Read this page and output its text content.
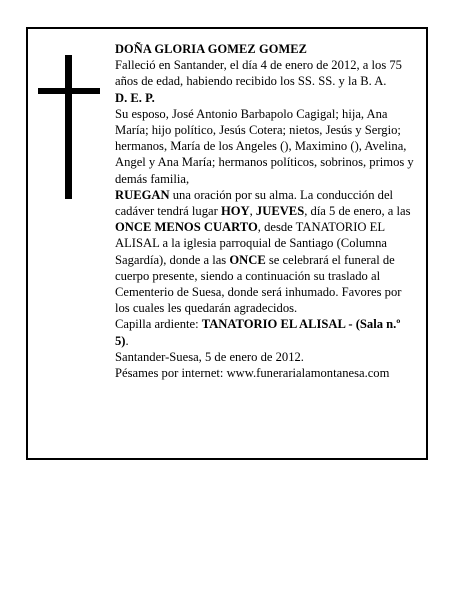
DOÑA GLORIA GOMEZ GOMEZ

Falleció en Santander, el día 4 de enero de 2012, a los 75 años de edad, habiendo recibido los SS. SS. y la B. A.

D. E. P.

Su esposo, José Antonio Barbapolo Cagigal; hija, Ana María; hijo político, Jesús Cotera; nietos, Jesús y Sergio; hermanos, María de los Angeles (), Maximino (), Avelina, Angel y Ana María; hermanos políticos, sobrinos, primos y demás familia,

RUEGAN una oración por su alma. La conducción del cadáver tendrá lugar HOY, JUEVES, día 5 de enero, a las ONCE MENOS CUARTO, desde TANATORIO EL ALISAL a la iglesia parroquial de Santiago (Columna Sagardía), donde a las ONCE se celebrará el funeral de cuerpo presente, siendo a continuación su traslado al Cementerio de Suesa, donde será inhumado. Favores por los cuales les quedarán agradecidos.

Capilla ardiente: TANATORIO EL ALISAL - (Sala n.º 5).

Santander-Suesa, 5 de enero de 2012.

Pésames por internet: www.funerarialamontanesa.com
